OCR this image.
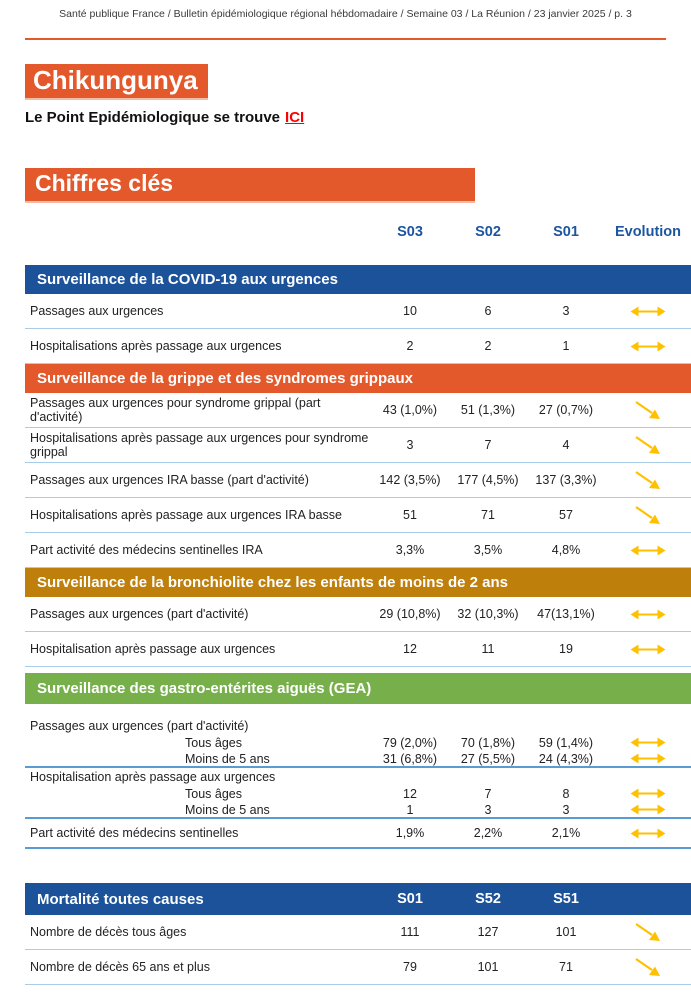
Santé publique France / Bulletin épidémiologique régional hébdomadaire / Semaine 03 / La Réunion / 23 janvier 2025 / p. 3
Chikungunya
Le Point Epidémiologique se trouve ICI
Chiffres clés
S03	S02	S01	Evolution
Surveillance de la COVID-19 aux urgences
Passages aux urgences	10	6	3
Hospitalisations après passage aux urgences	2	2	1
Surveillance de la grippe et des syndromes grippaux
Passages aux urgences pour syndrome grippal (part d'activité)	43 (1,0%)	51 (1,3%)	27 (0,7%)
Hospitalisations après passage aux urgences pour syndrome grippal	3	7	4
Passages aux urgences IRA basse (part d'activité)	142 (3,5%)	177 (4,5%)	137 (3,3%)
Hospitalisations après passage aux urgences IRA basse	51	71	57
Part activité des médecins sentinelles IRA	3,3%	3,5%	4,8%
Surveillance de la bronchiolite chez les enfants de moins de 2 ans
Passages aux urgences (part d'activité)	29 (10,8%)	32 (10,3%)	47(13,1%)
Hospitalisation après passage aux urgences	12	11	19
Surveillance des gastro-entérites aiguës (GEA)
Passages aux urgences (part d'activité)
Tous âges	79 (2,0%)	70 (1,8%)	59 (1,4%)
Moins de 5 ans	31 (6,8%)	27 (5,5%)	24 (4,3%)
Hospitalisation après passage aux urgences
Tous âges	12	7	8
Moins de 5 ans	1	3	3
Part activité des médecins sentinelles	1,9%	2,2%	2,1%
Mortalité toutes causes	S01	S52	S51
Nombre de décès tous âges	111	127	101
Nombre de décès 65 ans et plus	79	101	71
